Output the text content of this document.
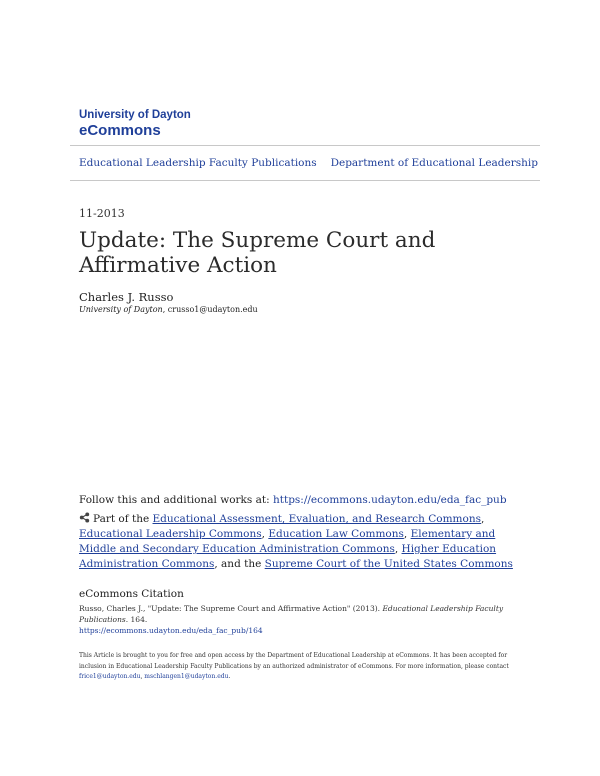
University of Dayton
eCommons
Educational Leadership Faculty Publications Department of Educational Leadership
11-2013
Update: The Supreme Court and Affirmative Action
Charles J. Russo
University of Dayton, crusso1@udayton.edu
Follow this and additional works at: https://ecommons.udayton.edu/eda_fac_pub
Part of the Educational Assessment, Evaluation, and Research Commons, Educational Leadership Commons, Education Law Commons, Elementary and Middle and Secondary Education Administration Commons, Higher Education Administration Commons, and the Supreme Court of the United States Commons
eCommons Citation
Russo, Charles J., "Update: The Supreme Court and Affirmative Action" (2013). Educational Leadership Faculty Publications. 164.
https://ecommons.udayton.edu/eda_fac_pub/164
This Article is brought to you for free and open access by the Department of Educational Leadership at eCommons. It has been accepted for inclusion in Educational Leadership Faculty Publications by an authorized administrator of eCommons. For more information, please contact frice1@udayton.edu, mschlangen1@udayton.edu.
